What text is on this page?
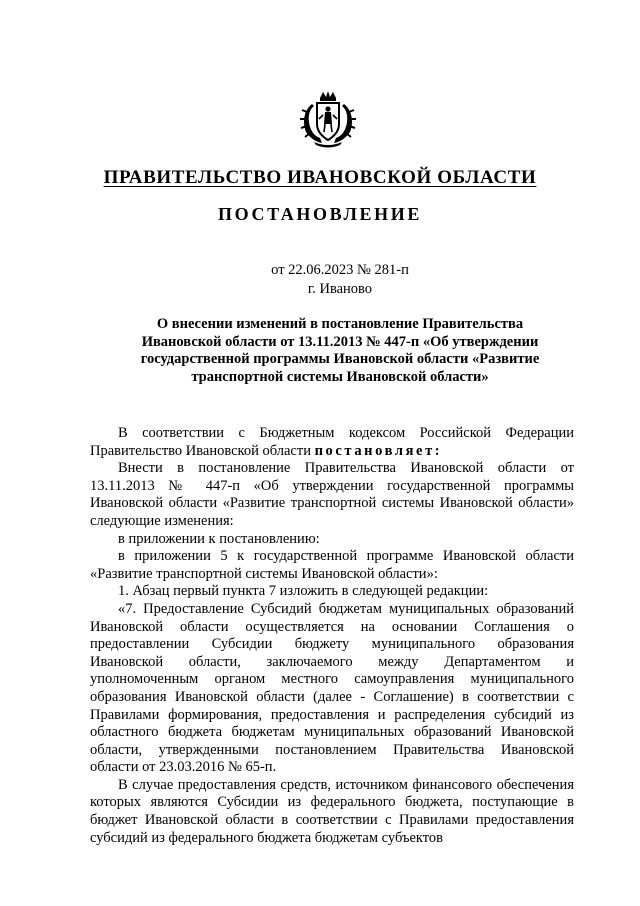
ПРАВИТЕЛЬСТВО ИВАНОВСКОЙ ОБЛАСТИ
ПОСТАНОВЛЕНИЕ
от 22.06.2023 № 281-п
г. Иваново
О внесении изменений в постановление Правительства
Ивановской области от 13.11.2013 № 447-п «Об утверждении
государственной программы Ивановской области «Развитие
транспортной системы Ивановской области»

В соответствии с Бюджетным кодексом Российской Федерации Правительство Ивановской области постановляет:

Внести в постановление Правительства Ивановской области от 13.11.2013 № 447-п «Об утверждении государственной программы Ивановской области «Развитие транспортной системы Ивановской области» следующие изменения:

в приложении к постановлению:

в приложении 5 к государственной программе Ивановской области «Развитие транспортной системы Ивановской области»:

1. Абзац первый пункта 7 изложить в следующей редакции:

«7. Предоставление Субсидий бюджетам муниципальных образований Ивановской области осуществляется на основании Соглашения о предоставлении Субсидии бюджету муниципального образования Ивановской области, заключаемого между Департаментом и уполномоченным органом местного самоуправления муниципального образования Ивановской области (далее - Соглашение) в соответствии с Правилами формирования, предоставления и распределения субсидий из областного бюджета бюджетам муниципальных образований Ивановской области, утвержденными постановлением Правительства Ивановской области от 23.03.2016 № 65-п.

В случае предоставления средств, источником финансового обеспечения которых являются Субсидии из федерального бюджета, поступающие в бюджет Ивановской области в соответствии с Правилами предоставления субсидий из федерального бюджета бюджетам субъектов
